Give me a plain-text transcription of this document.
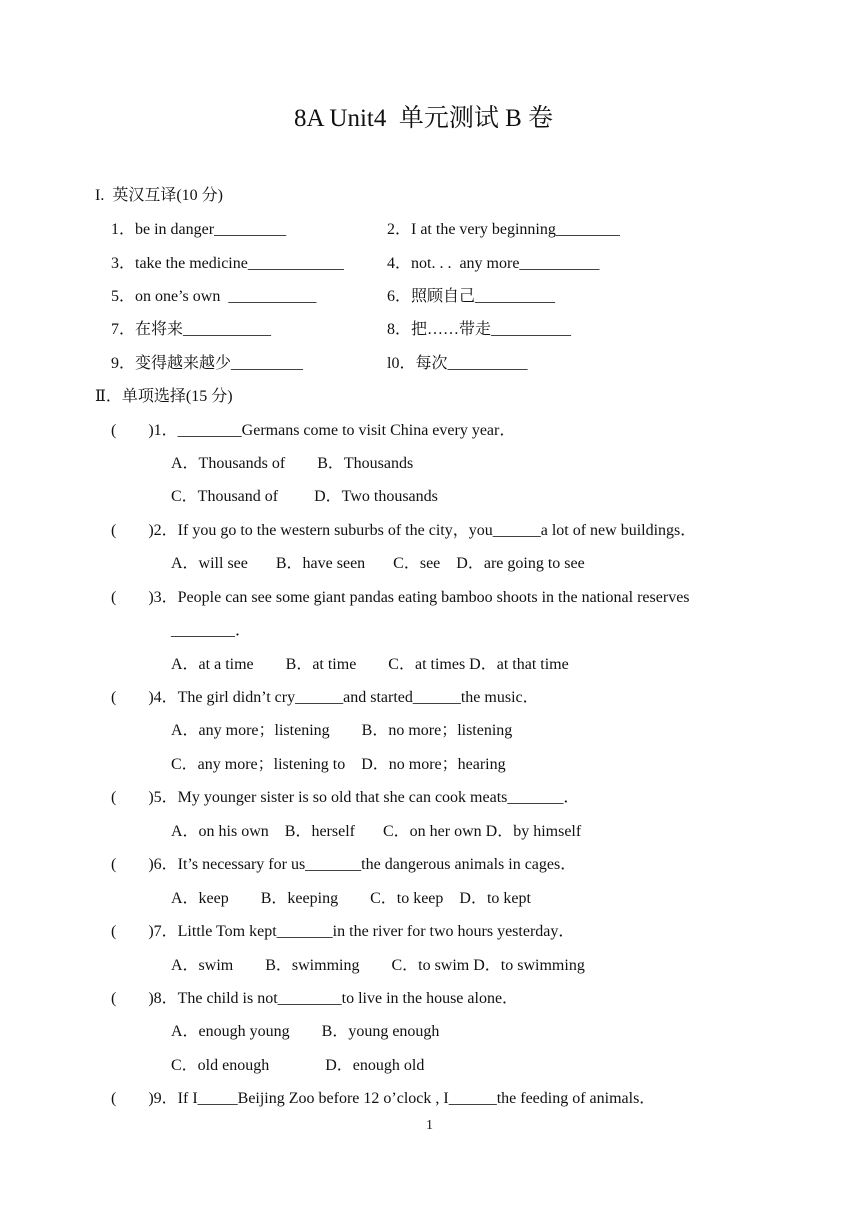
8A Unit4  单元测试 B 卷
I.  英汉互译(10 分)
1．be in danger_________	2．I at the very beginning________
3．take the medicine____________	4．not. . .  any more__________
5．on one’s own  ___________	6．照顾自己__________
7．在将来___________	8．把……带走__________
9．变得越来越少_________	l0．每次__________
Ⅱ．单项选择(15 分)
(        )1．________Germans come to visit China every year．
A．Thousands of        B．Thousands
C．Thousand of         D．Two thousands
(        )2．If you go to the western suburbs of the city，you______a lot of new buildings．
A．will see       B．have seen       C．see    D．are going to see
(        )3．People can see some giant pandas eating bamboo shoots in the national reserves
________．
A．at a time        B．at time        C．at times D．at that time
(        )4．The girl didn’t cry______and started______the music．
A．any more；listening        B．no more；listening
C．any more；listening to    D．no more；hearing
(        )5．My younger sister is so old that she can cook meats_______．
A．on his own    B．herself       C．on her own D．by himself
(        )6．It’s necessary for us_______the dangerous animals in cages．
A．keep        B．keeping        C．to keep    D．to kept
(        )7．Little Tom kept_______in the river for two hours yesterday．
A．swim        B．swimming        C．to swim D．to swimming
(        )8．The child is not________to live in the house alone．
A．enough young        B．young enough
C．old enough              D．enough old
(        )9．If I_____Beijing Zoo before 12 o’clock , I______the feeding of animals．
1
